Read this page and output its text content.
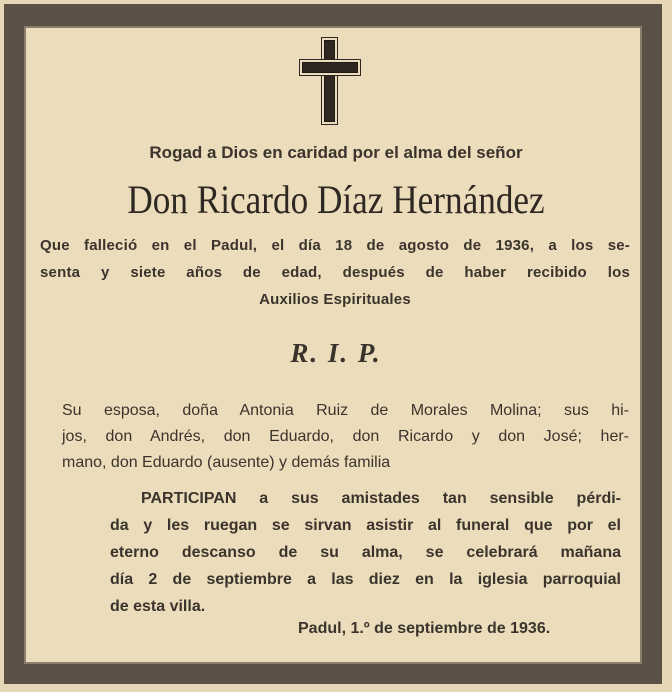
Rogad a Dios en caridad por el alma del señor
Don Ricardo Díaz Hernández
Que falleció en el Padul, el día 18 de agosto de 1936, a los se-
senta y siete años de edad, después de haber recibido los
Auxilios Espirituales
R. I. P.
Su esposa, doña Antonia Ruiz de Morales Molina; sus hi-
jos, don Andrés, don Eduardo, don Ricardo y don José; her-
mano, don Eduardo (ausente) y demás familia
PARTICIPAN a sus amistades tan sensible pérdi-
da y les ruegan se sirvan asistir al funeral que por el
eterno descanso de su alma, se celebrará mañana
día 2 de septiembre a las diez en la iglesia parroquial
de esta villa.
Padul, 1.º de septiembre de 1936.
